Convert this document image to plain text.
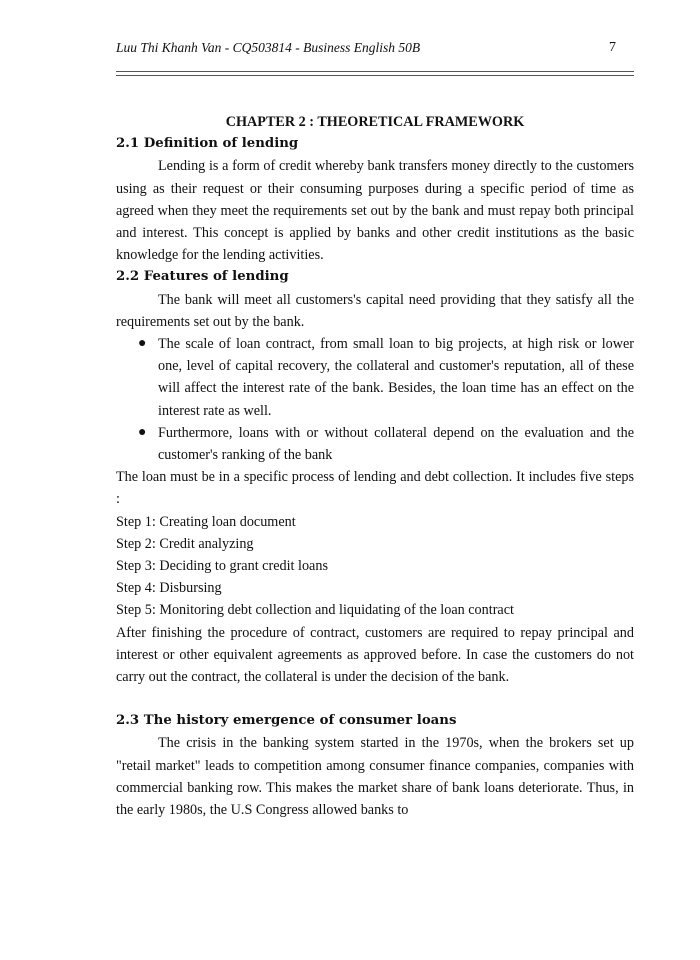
Luu Thi Khanh Van - CQ503814 - Business English 50B	7

CHAPTER 2 : THEORETICAL FRAMEWORK

2.1 Definition of lending

Lending is a form of credit whereby bank transfers money directly to the customers using as their request or their consuming purposes during a specific period of time as agreed when they meet the requirements set out by the bank and must repay both principal and interest. This concept is applied by banks and other credit institutions as the basic knowledge for the lending activities.

2.2 Features of lending

The bank will meet all customers's capital need providing that they satisfy all the requirements set out by the bank.

● The scale of loan contract, from small loan to big projects, at high risk or lower one, level of capital recovery, the collateral and customer's reputation, all of these will affect the interest rate of the bank. Besides, the loan time has an effect on the interest rate as well.
● Furthermore, loans with or without collateral depend on the evaluation and the customer's ranking of the bank

The loan must be in a specific process of lending and debt collection. It includes five steps :

Step 1: Creating loan document

Step 2: Credit analyzing

Step 3: Deciding to grant credit loans

Step 4: Disbursing

Step 5: Monitoring debt collection and liquidating of the loan contract

After finishing the procedure of contract, customers are required to repay principal and interest or other equivalent agreements as approved before. In case the customers do not carry out the contract, the collateral is under the decision of the bank.

2.3 The history emergence of consumer loans

The crisis in the banking system started in the 1970s, when the brokers set up "retail market" leads to competition among consumer finance companies, companies with commercial banking row. This makes the market share of bank loans deteriorate. Thus, in the early 1980s, the U.S Congress allowed banks to
